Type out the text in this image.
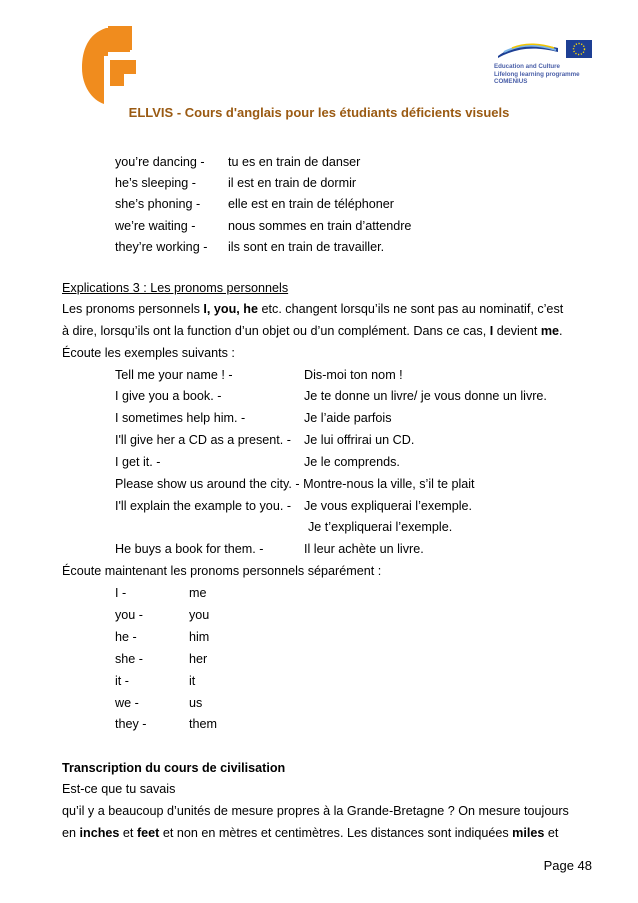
Education and Culture
Lifelong learning programme
COMENIUS
ELLVIS - Cours d'anglais pour les étudiants déficients visuels
you’re dancing - tu es en train de danser
he’s sleeping -	il est en train de dormir
she’s phoning - elle est en train de téléphoner
we’re waiting -	nous sommes en train d’attendre
they’re working - ils sont en train de travailler.
Explications 3 : Les pronoms personnels
Les pronoms personnels I, you, he etc. changent lorsqu’ils ne sont pas au nominatif, c’est
à dire, lorsqu’ils ont la function d’un objet ou d’un complément. Dans ce cas, I devient me.
Écoute les exemples suivants :
Tell me your name ! -	Dis-moi ton nom !
I give you a book. -	Je te donne un livre/ je vous donne un livre.
I sometimes help him. -	Je l’aide parfois
I'll give her a CD as a present. - Je lui offrirai un CD.
I get it. -	Je le comprends.
Please show us around the city. - Montre-nous la ville, s’il te plait
I'll explain the example to you. - Je vous expliquerai l’exemple.
Je t’expliquerai l’exemple.
He buys a book for them. -	Il leur achète un livre.
Écoute maintenant les pronoms personnels séparément :
I -	me
you -	you
he -	him
she -	her
it -	it
we -	us
they -	them
Transcription du cours de civilisation
Est-ce que tu savais
qu’il y a beaucoup d’unités de mesure propres à la Grande-Bretagne ? On mesure toujours
en inches et feet et non en mètres et centimètres. Les distances sont indiquées miles et
Page 48
